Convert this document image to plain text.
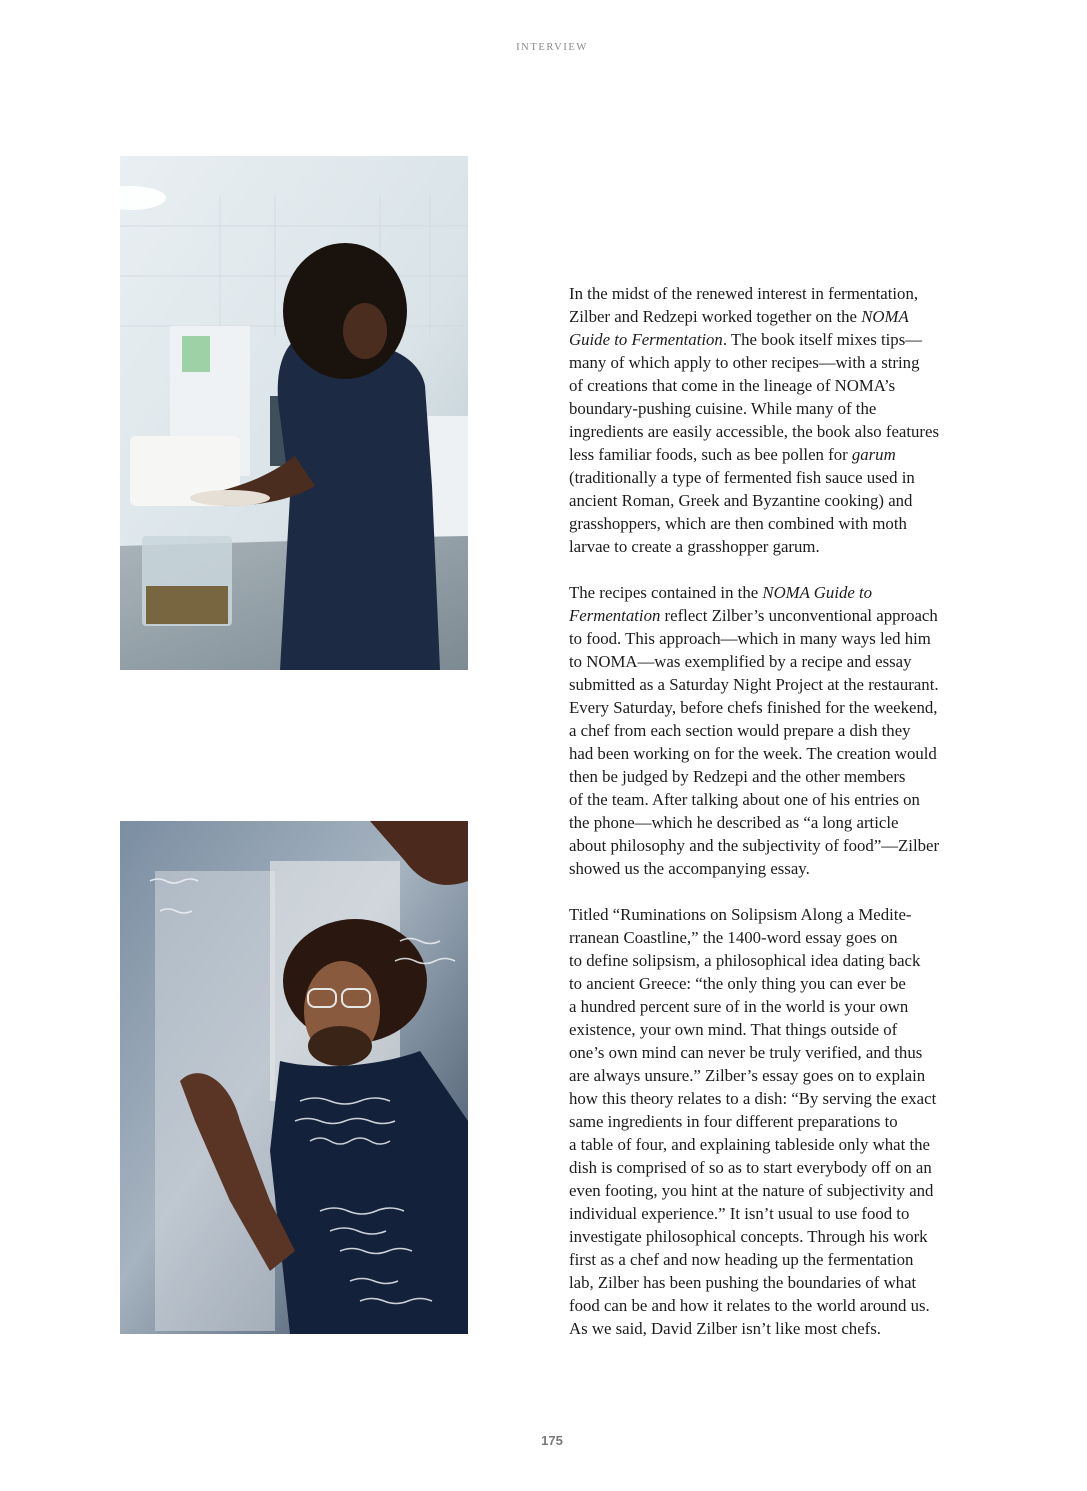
INTERVIEW

In the midst of the renewed interest in fermentation,
Zilber and Redzepi worked together on the NOMA
Guide to Fermentation. The book itself mixes tips—
many of which apply to other recipes—with a string
of creations that come in the lineage of NOMA’s
boundary-pushing cuisine. While many of the
ingredients are easily accessible, the book also features
less familiar foods, such as bee pollen for garum
(traditionally a type of fermented fish sauce used in
ancient Roman, Greek and Byzantine cooking) and
grasshoppers, which are then combined with moth
larvae to create a grasshopper garum.

The recipes contained in the NOMA Guide to
Fermentation reflect Zilber’s unconventional approach
to food. This approach—which in many ways led him
to NOMA—was exemplified by a recipe and essay
submitted as a Saturday Night Project at the restaurant.
Every Saturday, before chefs finished for the weekend,
a chef from each section would prepare a dish they
had been working on for the week. The creation would
then be judged by Redzepi and the other members
of the team. After talking about one of his entries on
the phone—which he described as “a long article
about philosophy and the subjectivity of food”—Zilber
showed us the accompanying essay.

Titled “Ruminations on Solipsism Along a Medite-
rranean Coastline,” the 1400-word essay goes on
to define solipsism, a philosophical idea dating back
to ancient Greece: “the only thing you can ever be
a hundred percent sure of in the world is your own
existence, your own mind. That things outside of
one’s own mind can never be truly verified, and thus
are always unsure.” Zilber’s essay goes on to explain
how this theory relates to a dish: “By serving the exact
same ingredients in four different preparations to
a table of four, and explaining tableside only what the
dish is comprised of so as to start everybody off on an
even footing, you hint at the nature of subjectivity and
individual experience.” It isn’t usual to use food to
investigate philosophical concepts. Through his work
first as a chef and now heading up the fermentation
lab, Zilber has been pushing the boundaries of what
food can be and how it relates to the world around us.
As we said, David Zilber isn’t like most chefs.

175
